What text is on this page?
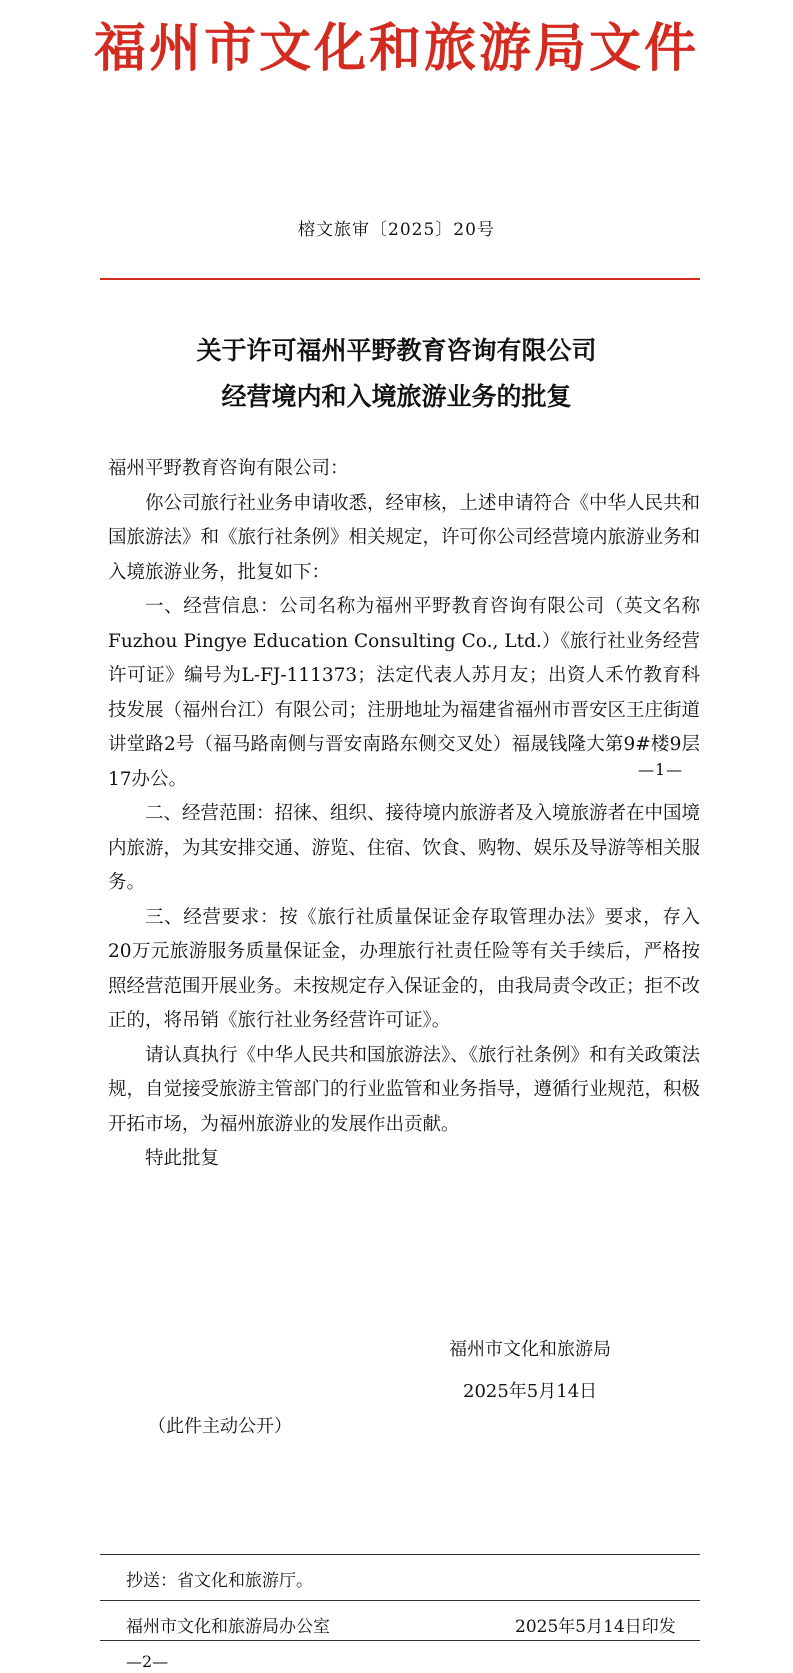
福州市文化和旅游局文件
榕文旅审〔2025〕20号
关于许可福州平野教育咨询有限公司
经营境内和入境旅游业务的批复

福州平野教育咨询有限公司：

你公司旅行社业务申请收悉，经审核，上述申请符合《中华人民共和国旅游法》和《旅行社条例》相关规定，许可你公司经营境内旅游业务和入境旅游业务，批复如下：

一、经营信息：公司名称为福州平野教育咨询有限公司（英文名称Fuzhou Pingye Education Consulting Co., Ltd.）《旅行社业务经营许可证》编号为L-FJ-111373；法定代表人苏月友；出资人禾竹教育科技发展（福州台江）有限公司；注册地址为福建省福州市晋安区王庄街道讲堂路2号（福马路南侧与晋安南路东侧交叉处）福晟钱隆大第9#楼9层17办公。

二、经营范围：招徕、组织、接待境内旅游者及入境旅游者在中国境内旅游，为其安排交通、游览、住宿、饮食、购物、娱乐及导游等相关服务。

三、经营要求：按《旅行社质量保证金存取管理办法》要求，存入20万元旅游服务质量保证金，办理旅行社责任险等有关手续后，严格按照经营范围开展业务。未按规定存入保证金的，由我局责令改正；拒不改正的，将吊销《旅行社业务经营许可证》。

请认真执行《中华人民共和国旅游法》、《旅行社条例》和有关政策法规，自觉接受旅游主管部门的行业监管和业务指导，遵循行业规范，积极开拓市场，为福州旅游业的发展作出贡献。

特此批复

—1—
福州市文化和旅游局
2025年5月14日
（此件主动公开）
抄送：省文化和旅游厅。
福州市文化和旅游局办公室	2025年5月14日印发
—2—
